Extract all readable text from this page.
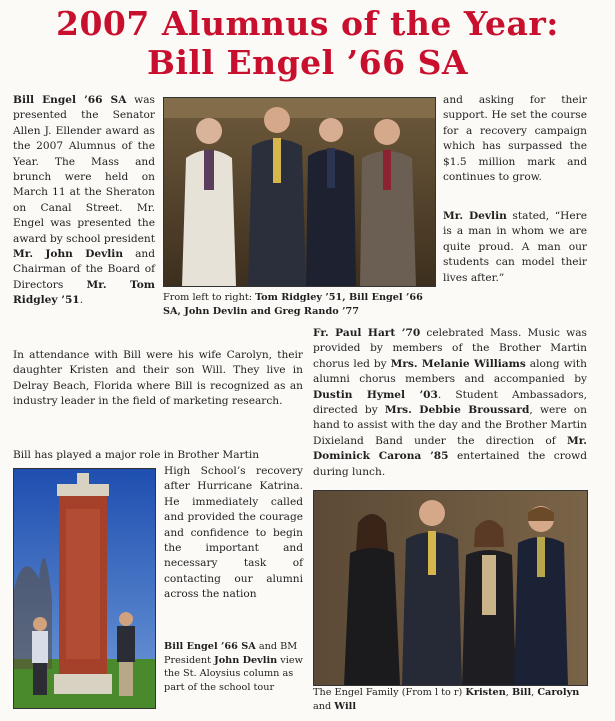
2007 Alumnus of the Year:
Bill Engel ’66 SA

Bill Engel ’66 SA was presented the Senator Allen J. Ellender award as the 2007 Alumnus of the Year. The Mass and brunch were held on March 11 at the Sheraton on Canal Street. Mr. Engel was presented the award by school president Mr. John Devlin and Chairman of the Board of Directors Mr. Tom Ridgley ’51.	From left to right: Tom Ridgley ’51, Bill Engel ’66 SA, John Devlin and Greg Rando ’77

and asking for their support. He set the course for a recovery campaign which has surpassed the $1.5 million mark and continues to grow.

Mr. Devlin stated, “Here is a man in whom we are quite proud. A man our students can model their lives after.”

Fr. Paul Hart ’70 celebrated Mass. Music was provided by members of the Brother Martin chorus led by Mrs. Melanie Williams along with alumni chorus members and accompanied by Dustin Hymel ’03. Student Ambassadors, directed by Mrs. Debbie Broussard, were on hand to assist with the day and the Brother Martin Dixieland Band under the direction of Mr. Dominick Carona ’85 entertained the crowd during lunch.

In attendance with Bill were his wife Carolyn, their daughter Kristen and their son Will. They live in Delray Beach, Florida where Bill is recognized as an industry leader in the field of marketing research.

Bill has played a major role in Brother Martin

High School’s recovery after Hurricane Katrina. He immediately called and provided the courage and confidence to begin the important and necessary task of contacting our alumni across the nation

Bill Engel ’66 SA and BM President John Devlin view the St. Aloysius column as part of the school tour	The Engel Family (From l to r) Kristen, Bill, Carolyn and Will
